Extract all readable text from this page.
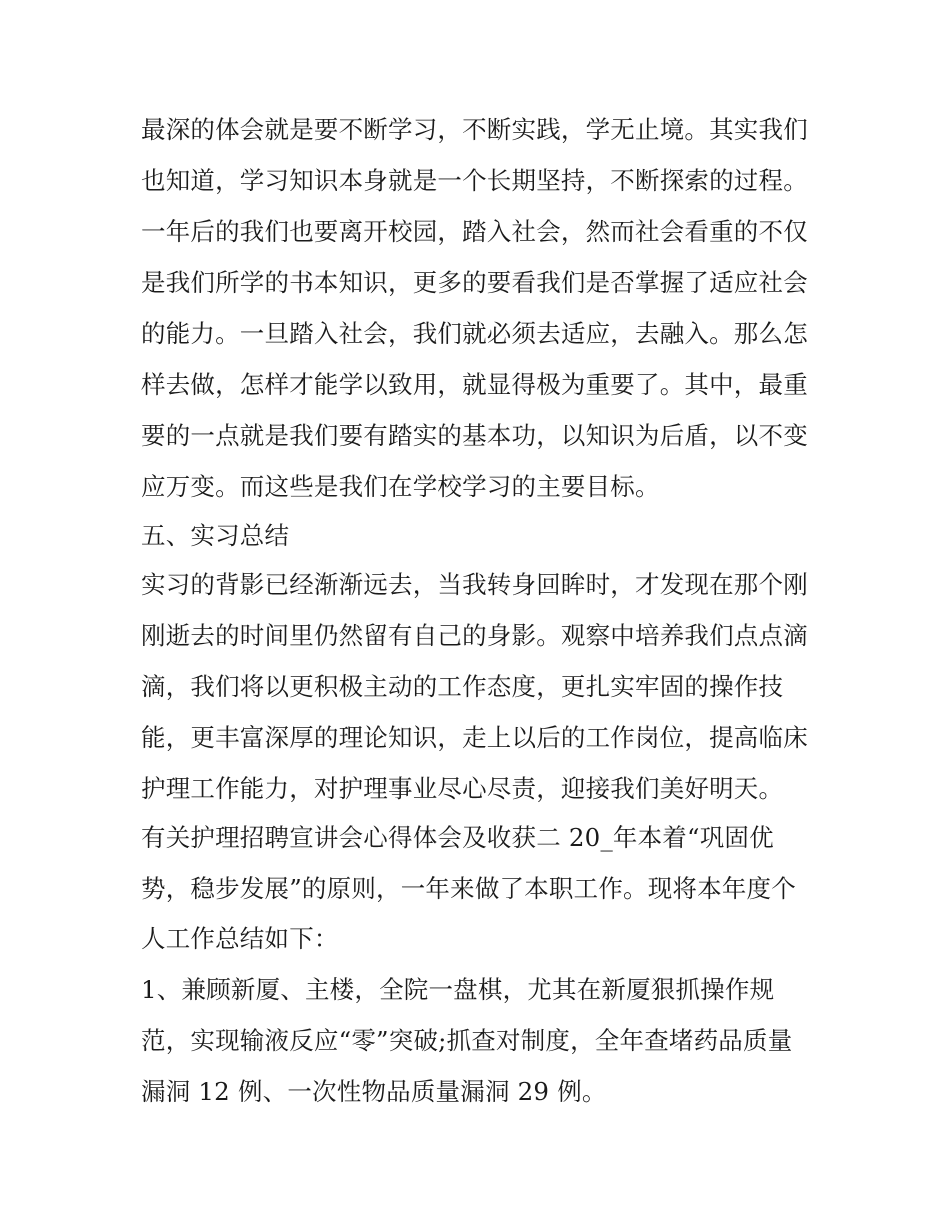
最深的体会就是要不断学习，不断实践，学无止境。其实我们

也知道，学习知识本身就是一个长期坚持，不断探索的过程。

一年后的我们也要离开校园，踏入社会，然而社会看重的不仅

是我们所学的书本知识，更多的要看我们是否掌握了适应社会

的能力。一旦踏入社会，我们就必须去适应，去融入。那么怎

样去做，怎样才能学以致用，就显得极为重要了。其中，最重

要的一点就是我们要有踏实的基本功，以知识为后盾，以不变

应万变。而这些是我们在学校学习的主要目标。

五、实习总结

实习的背影已经渐渐远去，当我转身回眸时，才发现在那个刚

刚逝去的时间里仍然留有自己的身影。观察中培养我们点点滴

滴，我们将以更积极主动的工作态度，更扎实牢固的操作技

能，更丰富深厚的理论知识，走上以后的工作岗位，提高临床

护理工作能力，对护理事业尽心尽责，迎接我们美好明天。

有关护理招聘宣讲会心得体会及收获二 20_年本着“巩固优

势，稳步发展”的原则，一年来做了本职工作。现将本年度个

人工作总结如下：

1、兼顾新厦、主楼，全院一盘棋，尤其在新厦狠抓操作规

范，实现输液反应“零”突破;抓查对制度，全年查堵药品质量

漏洞 12 例、一次性物品质量漏洞 29 例。
